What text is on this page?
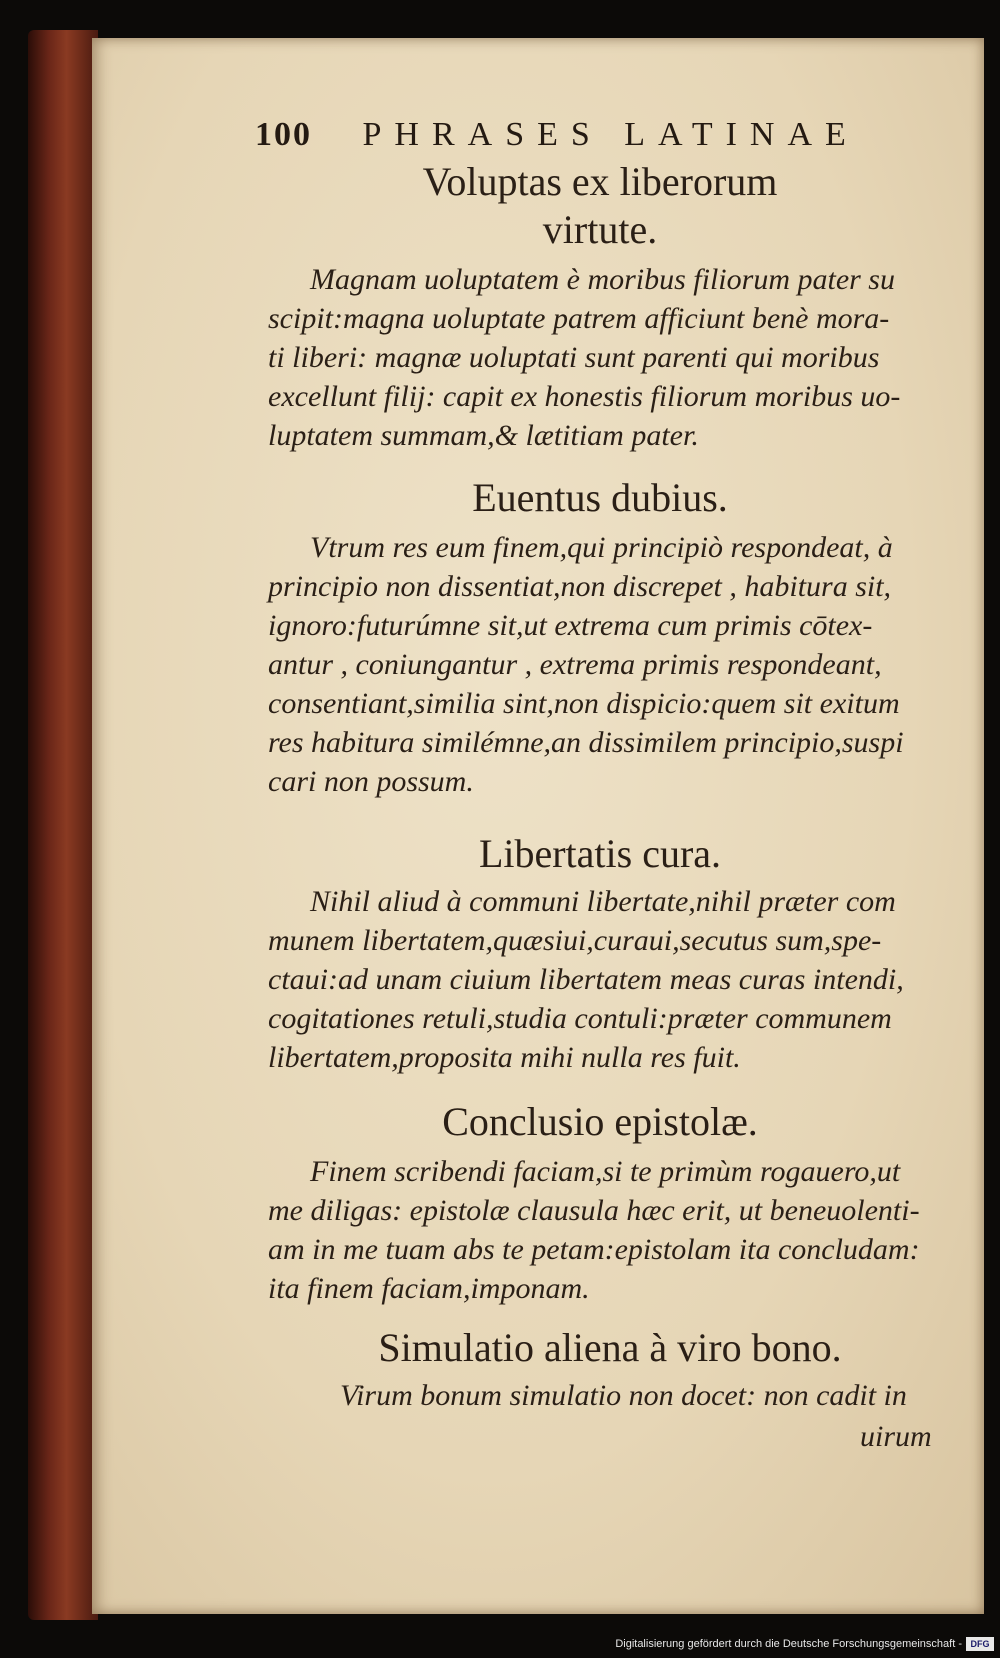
100 PHRASES LATINAE
Voluptas ex liberorum
virtute.
Magnam uoluptatem è moribus filiorum pater su
scipit:magna uoluptate patrem afficiunt benè mora-
ti liberi: magnæ uoluptati sunt parenti qui moribus
excellunt filij: capit ex honestis filiorum moribus uo-
luptatem summam,& lætitiam pater.
Euentus dubius.
Vtrum res eum finem,qui principiò respondeat, à
principio non dissentiat,non discrepet , habitura sit,
ignoro:futurúmne sit,ut extrema cum primis cōtex-
antur , coniungantur , extrema primis respondeant,
consentiant,similia sint,non dispicio:quem sit exitum
res habitura similémne,an dissimilem principio,suspi
cari non possum.
Libertatis cura.
Nihil aliud à communi libertate,nihil præter com
munem libertatem,quæsiui,curaui,secutus sum,spe-
ctaui:ad unam ciuium libertatem meas curas intendi,
cogitationes retuli,studia contuli:præter communem
libertatem,proposita mihi nulla res fuit.
Conclusio epistolæ.
Finem scribendi faciam,si te primùm rogauero,ut
me diligas: epistolæ clausula hæc erit, ut beneuolenti-
am in me tuam abs te petam:epistolam ita concludam:
ita finem faciam,imponam.
Simulatio aliena à viro bono.
Virum bonum simulatio non docet: non cadit in
uirum
Digitalisierung gefördert durch die Deutsche Forschungsgemeinschaft - DFG
